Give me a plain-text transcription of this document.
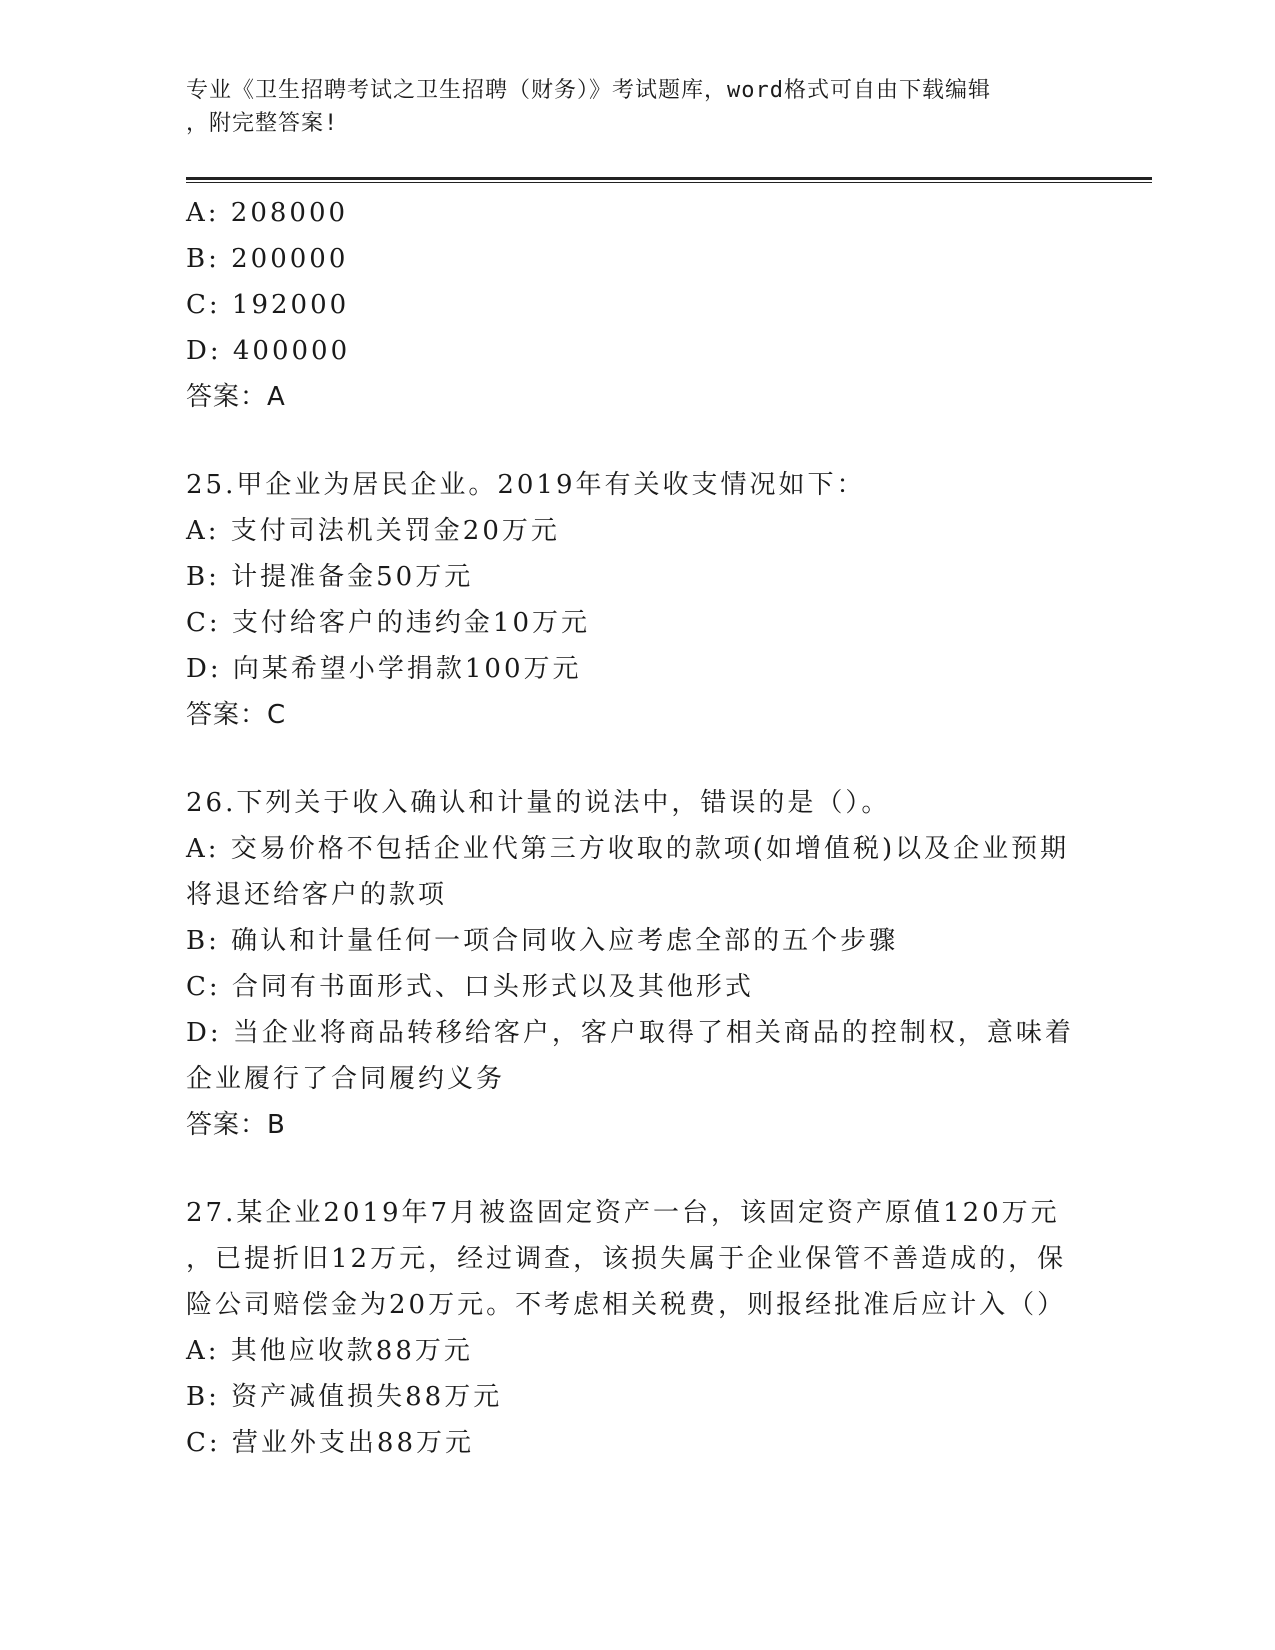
专业《卫生招聘考试之卫生招聘（财务）》考试题库，word格式可自由下载编辑
，附完整答案!
A: 208000
B: 200000
C: 192000
D: 400000
答案：A
25.甲企业为居民企业。2019年有关收支情况如下：
A: 支付司法机关罚金20万元
B: 计提准备金50万元
C: 支付给客户的违约金10万元
D: 向某希望小学捐款100万元
答案：C
26.下列关于收入确认和计量的说法中，错误的是（）。
A: 交易价格不包括企业代第三方收取的款项(如增值税)以及企业预期
将退还给客户的款项
B: 确认和计量任何一项合同收入应考虑全部的五个步骤
C: 合同有书面形式、口头形式以及其他形式
D: 当企业将商品转移给客户，客户取得了相关商品的控制权，意味着
企业履行了合同履约义务
答案：B
27.某企业2019年7月被盗固定资产一台，该固定资产原值120万元
，已提折旧12万元，经过调查，该损失属于企业保管不善造成的，保
险公司赔偿金为20万元。不考虑相关税费，则报经批准后应计入（）
A: 其他应收款88万元
B: 资产减值损失88万元
C: 营业外支出88万元
